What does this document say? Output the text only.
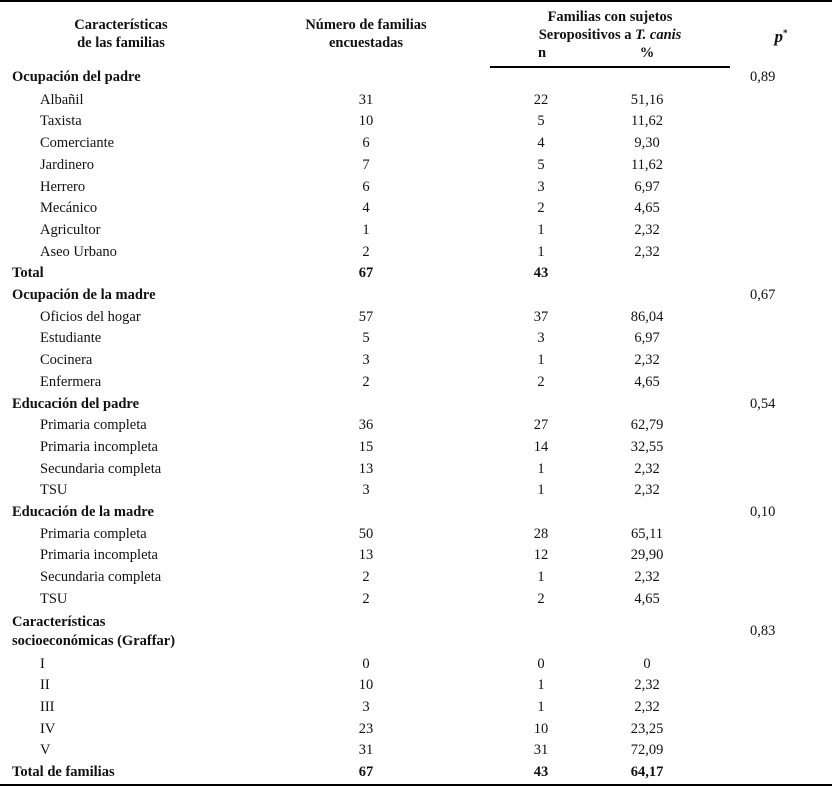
Características
de las familias

Número de familias
encuestadas

Familias con sujetos
Seropositivos a T. canis	p*
		n	%	
Ocupación del padre				0,89
Albañil	31	22	51,16	
Taxista	10	5	11,62	
Comerciante	6	4	9,30	
Jardinero	7	5	11,62	
Herrero	6	3	6,97	
Mecánico	4	2	4,65	
Agricultor	1	1	2,32	
Aseo Urbano	2	1	2,32	
Total	67	43		
Ocupación de la madre				0,67
Oficios del hogar	57	37	86,04	
Estudiante	5	3	6,97	
Cocinera	3	1	2,32	
Enfermera	2	2	4,65	
Educación del padre				0,54
Primaria completa	36	27	62,79	
Primaria incompleta	15	14	32,55	
Secundaria completa	13	1	2,32	
TSU	3	1	2,32	
Educación de la madre				0,10
Primaria completa	50	28	65,11	
Primaria incompleta	13	12	29,90	
Secundaria completa	2	1	2,32	
TSU	2	2	4,65	

Características
socioeconómicas (Graffar)				0,83
I	0	0	0	
II	10	1	2,32	
III	3	1	2,32	
IV	23	10	23,25	
V	31	31	72,09	
Total de familias	67	43	64,17	
